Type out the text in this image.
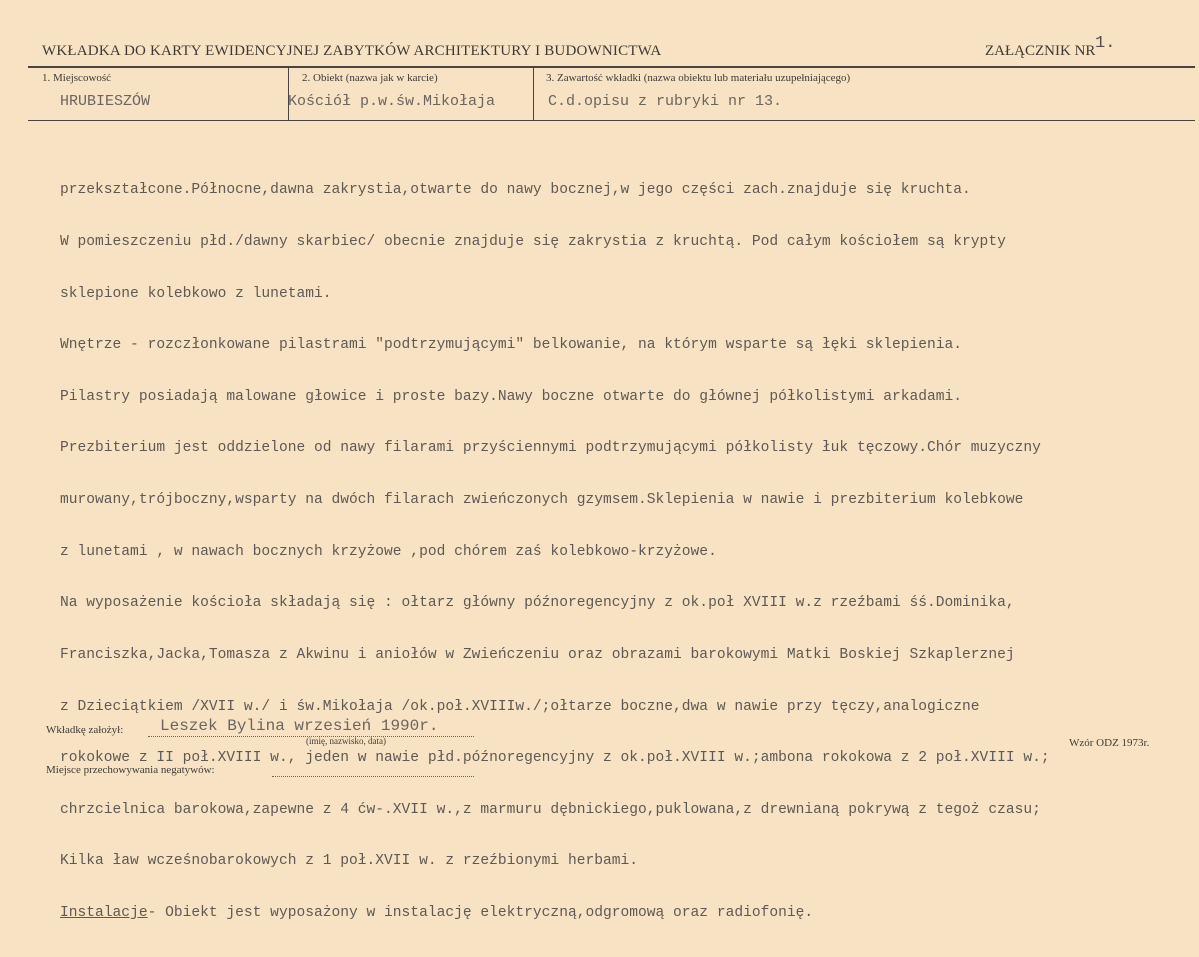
WKŁADKA DO KARTY EWIDENCYJNEJ ZABYTKÓW ARCHITEKTURY I BUDOWNICTWA	ZAŁĄCZNIK NR 1.
1. Miejscowość
HRUBIESZÓW
2. Obiekt (nazwa jak w karcie)
Kościół p.w.św.Mikołaja
3. Zawartość wkładki (nazwa obiektu lub materiału uzupełniającego)
C.d.opisu z rubryki nr 13.

przekształcone.Północne,dawna zakrystia,otwarte do nawy bocznej,w jego części zach.znajduje się kruchta.

W pomieszczeniu płd./dawny skarbiec/ obecnie znajduje się zakrystia z kruchtą. Pod całym kościołem są krypty

sklepione kolebkowo z lunetami.

Wnętrze - rozczłonkowane pilastrami "podtrzymującymi" belkowanie, na którym wsparte są łęki sklepienia.

Pilastry posiadają malowane głowice i proste bazy.Nawy boczne otwarte do głównej półkolistymi arkadami.

Prezbiterium jest oddzielone od nawy filarami przyściennymi podtrzymującymi półkolisty łuk tęczowy.Chór muzyczny

murowany,trójboczny,wsparty na dwóch filarach zwieńczonych gzymsem.Sklepienia w nawie i prezbiterium kolebkowe

z lunetami , w nawach bocznych krzyżowe ,pod chórem zaś kolebkowo-krzyżowe.

Na wyposażenie kościoła składają się : ołtarz główny późnoregencyjny z ok.poł XVIII w.z rzeźbami śś.Dominika,

Franciszka,Jacka,Tomasza z Akwinu i aniołów w Zwieńczeniu oraz obrazami barokowymi Matki Boskiej Szkaplerznej

z Dzieciątkiem /XVII w./ i św.Mikołaja /ok.poł.XVIIIw./;ołtarze boczne,dwa w nawie przy tęczy,analogiczne

rokokowe z II poł.XVIII w., jeden w nawie płd.późnoregencyjny z ok.poł.XVIII w.;ambona rokokowa z 2 poł.XVIII w.;

chrzcielnica barokowa,zapewne z 4 ćw-.XVII w.,z marmuru dębnickiego,puklowana,z drewnianą pokrywą z tegoż czasu;

Kilka ław wcześnobarokowych z 1 poł.XVII w. z rzeźbionymi herbami.

Instalacje- Obiekt jest wyposażony w instalację elektryczną,odgromową oraz radiofonię.

Wkładkę założył: Leszek Bylina wrzesień 1990r.
(imię, nazwisko, data)	Wzór ODZ 1973r.
Miejsce przechowywania negatywów:
